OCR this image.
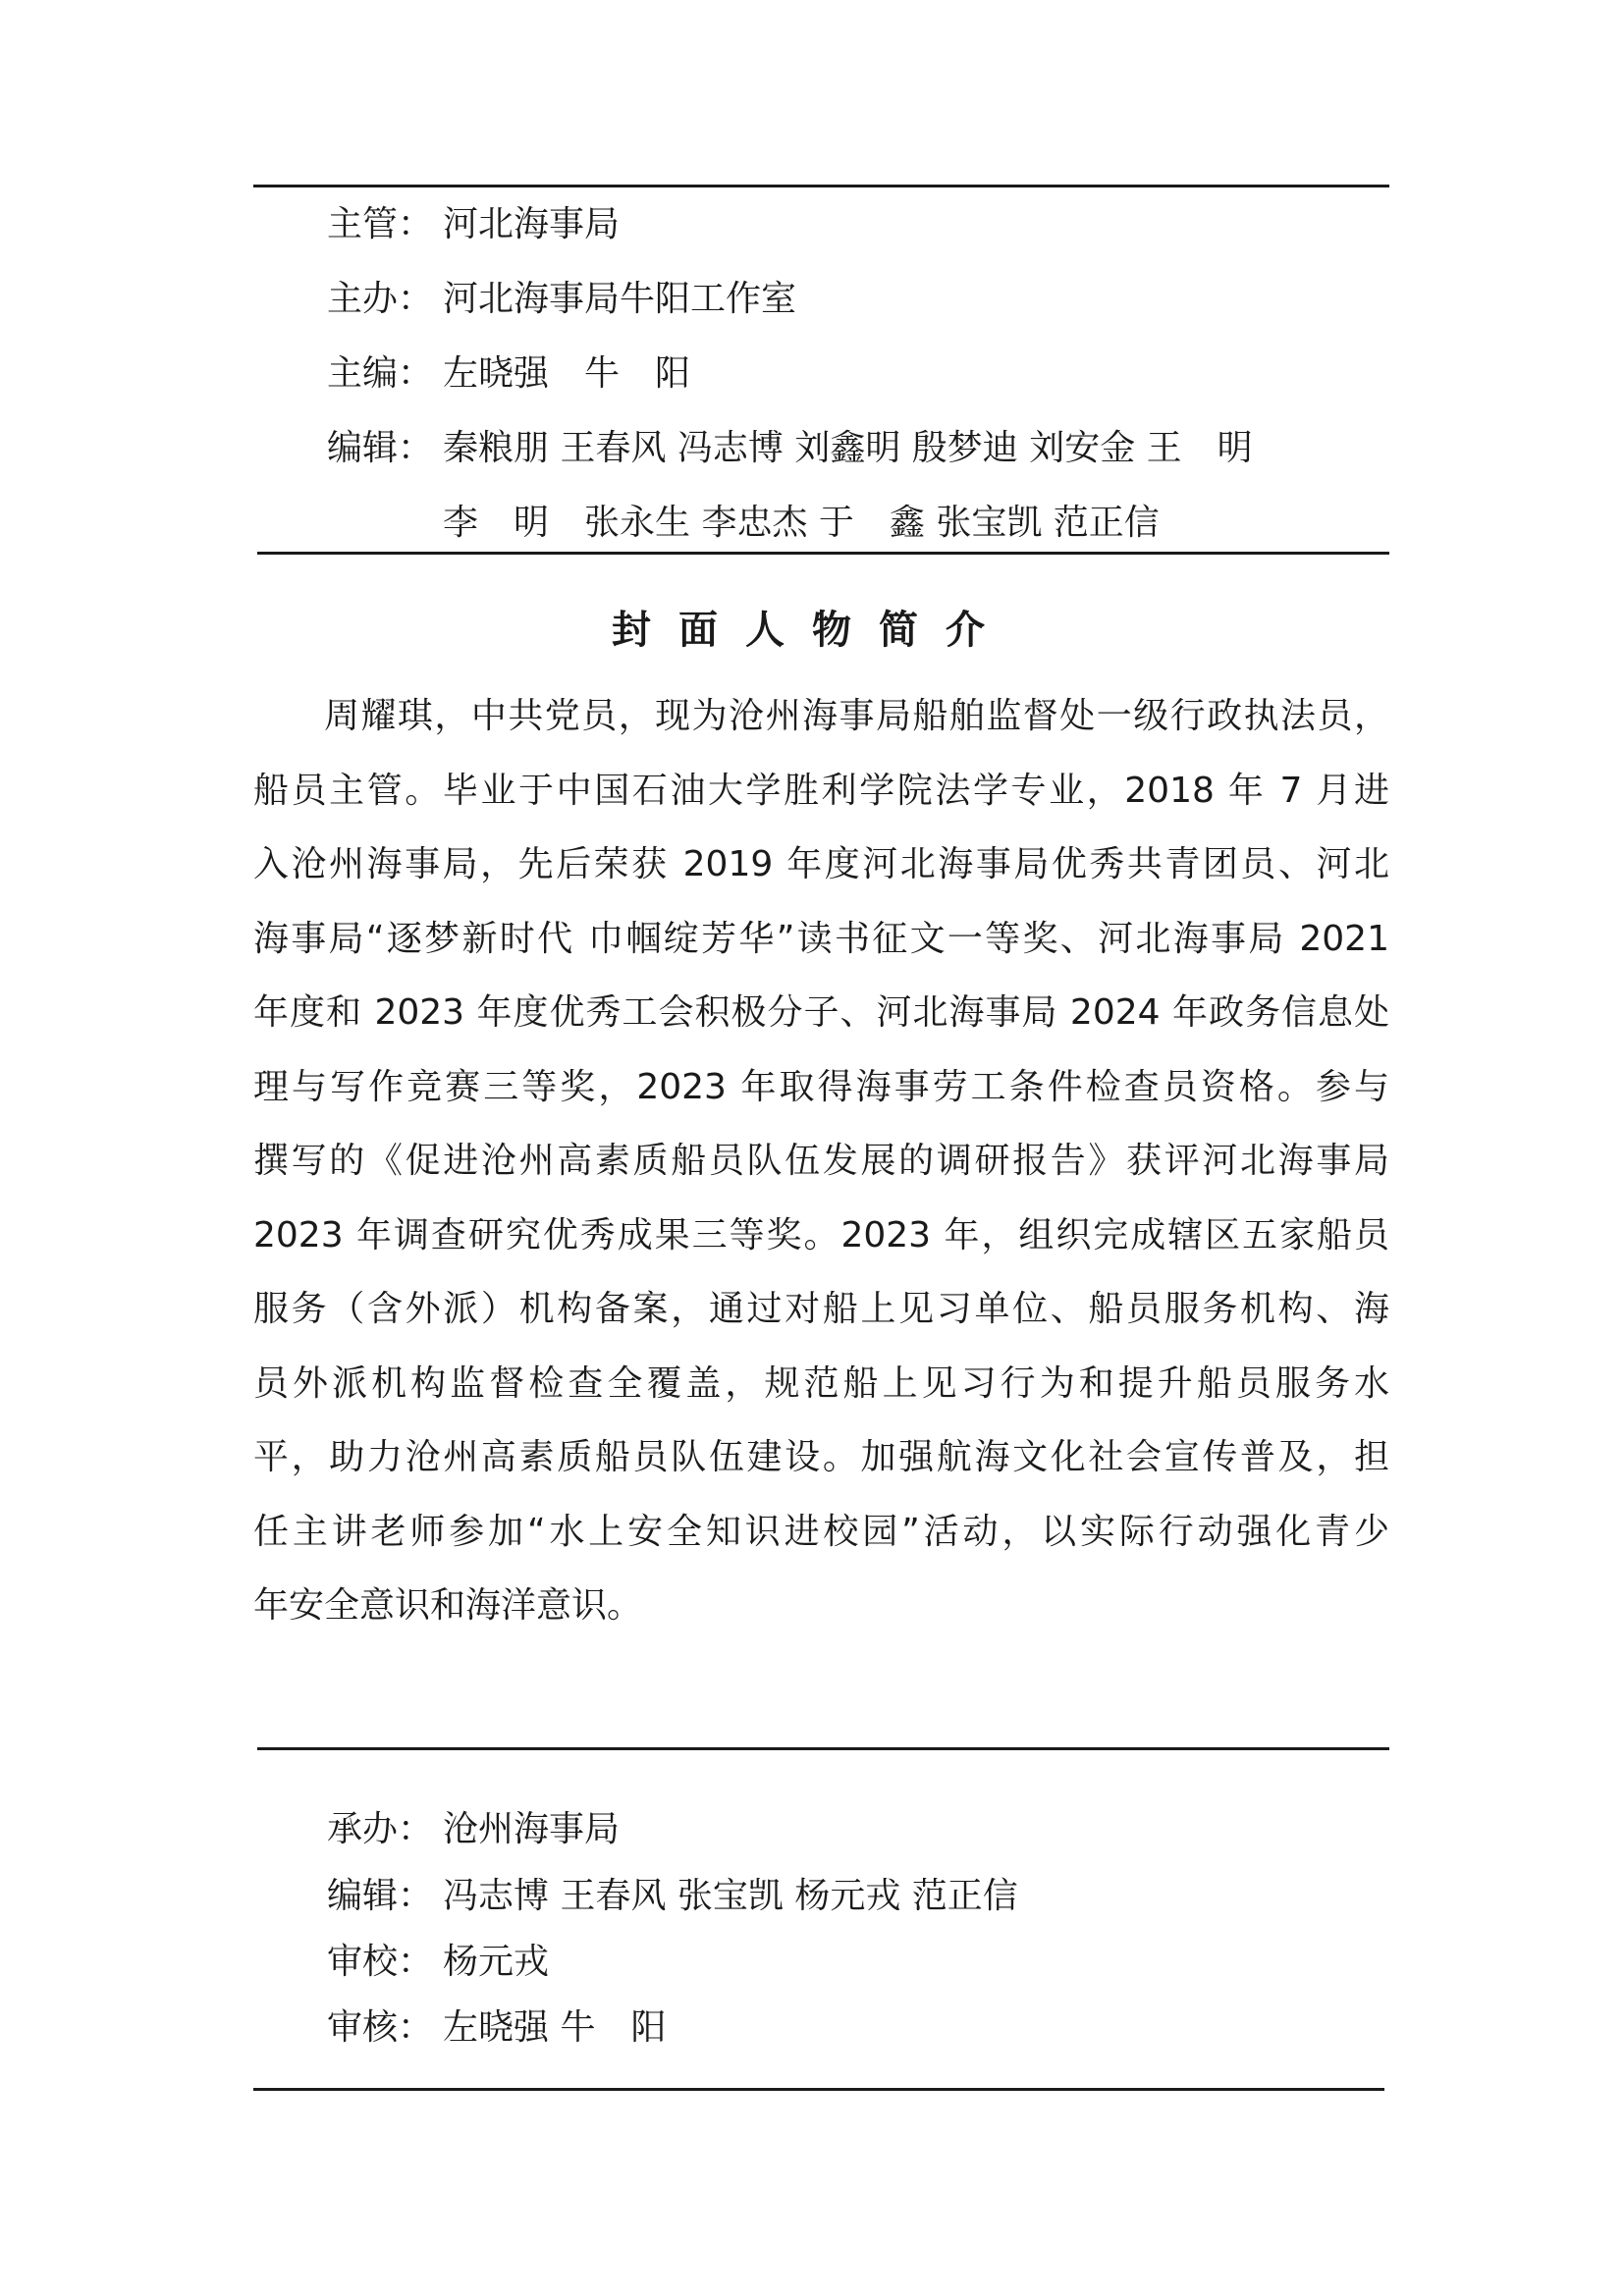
主管： 河北海事局
主办： 河北海事局牛阳工作室
主编： 左晓强　牛　阳
编辑： 秦粮朋 王春风 冯志博 刘鑫明 殷梦迪 刘安金 王　明
李　明　张永生 李忠杰 于　鑫 张宝凯 范正信
封面人物简介
周耀琪，中共党员，现为沧州海事局船舶监督处一级行政执法员，
船员主管。毕业于中国石油大学胜利学院法学专业，2018 年 7 月进
入沧州海事局，先后荣获 2019 年度河北海事局优秀共青团员、河北
海事局“逐梦新时代 巾帼绽芳华”读书征文一等奖、河北海事局 2021
年度和 2023 年度优秀工会积极分子、河北海事局 2024 年政务信息处
理与写作竞赛三等奖，2023 年取得海事劳工条件检查员资格。参与
撰写的《促进沧州高素质船员队伍发展的调研报告》获评河北海事局
2023 年调查研究优秀成果三等奖。2023 年，组织完成辖区五家船员
服务（含外派）机构备案，通过对船上见习单位、船员服务机构、海
员外派机构监督检查全覆盖，规范船上见习行为和提升船员服务水
平，助力沧州高素质船员队伍建设。加强航海文化社会宣传普及，担
任主讲老师参加“水上安全知识进校园”活动，以实际行动强化青少
年安全意识和海洋意识。
承办： 沧州海事局
编辑： 冯志博 王春风 张宝凯 杨元戎 范正信
审校： 杨元戎
审核： 左晓强 牛　阳
